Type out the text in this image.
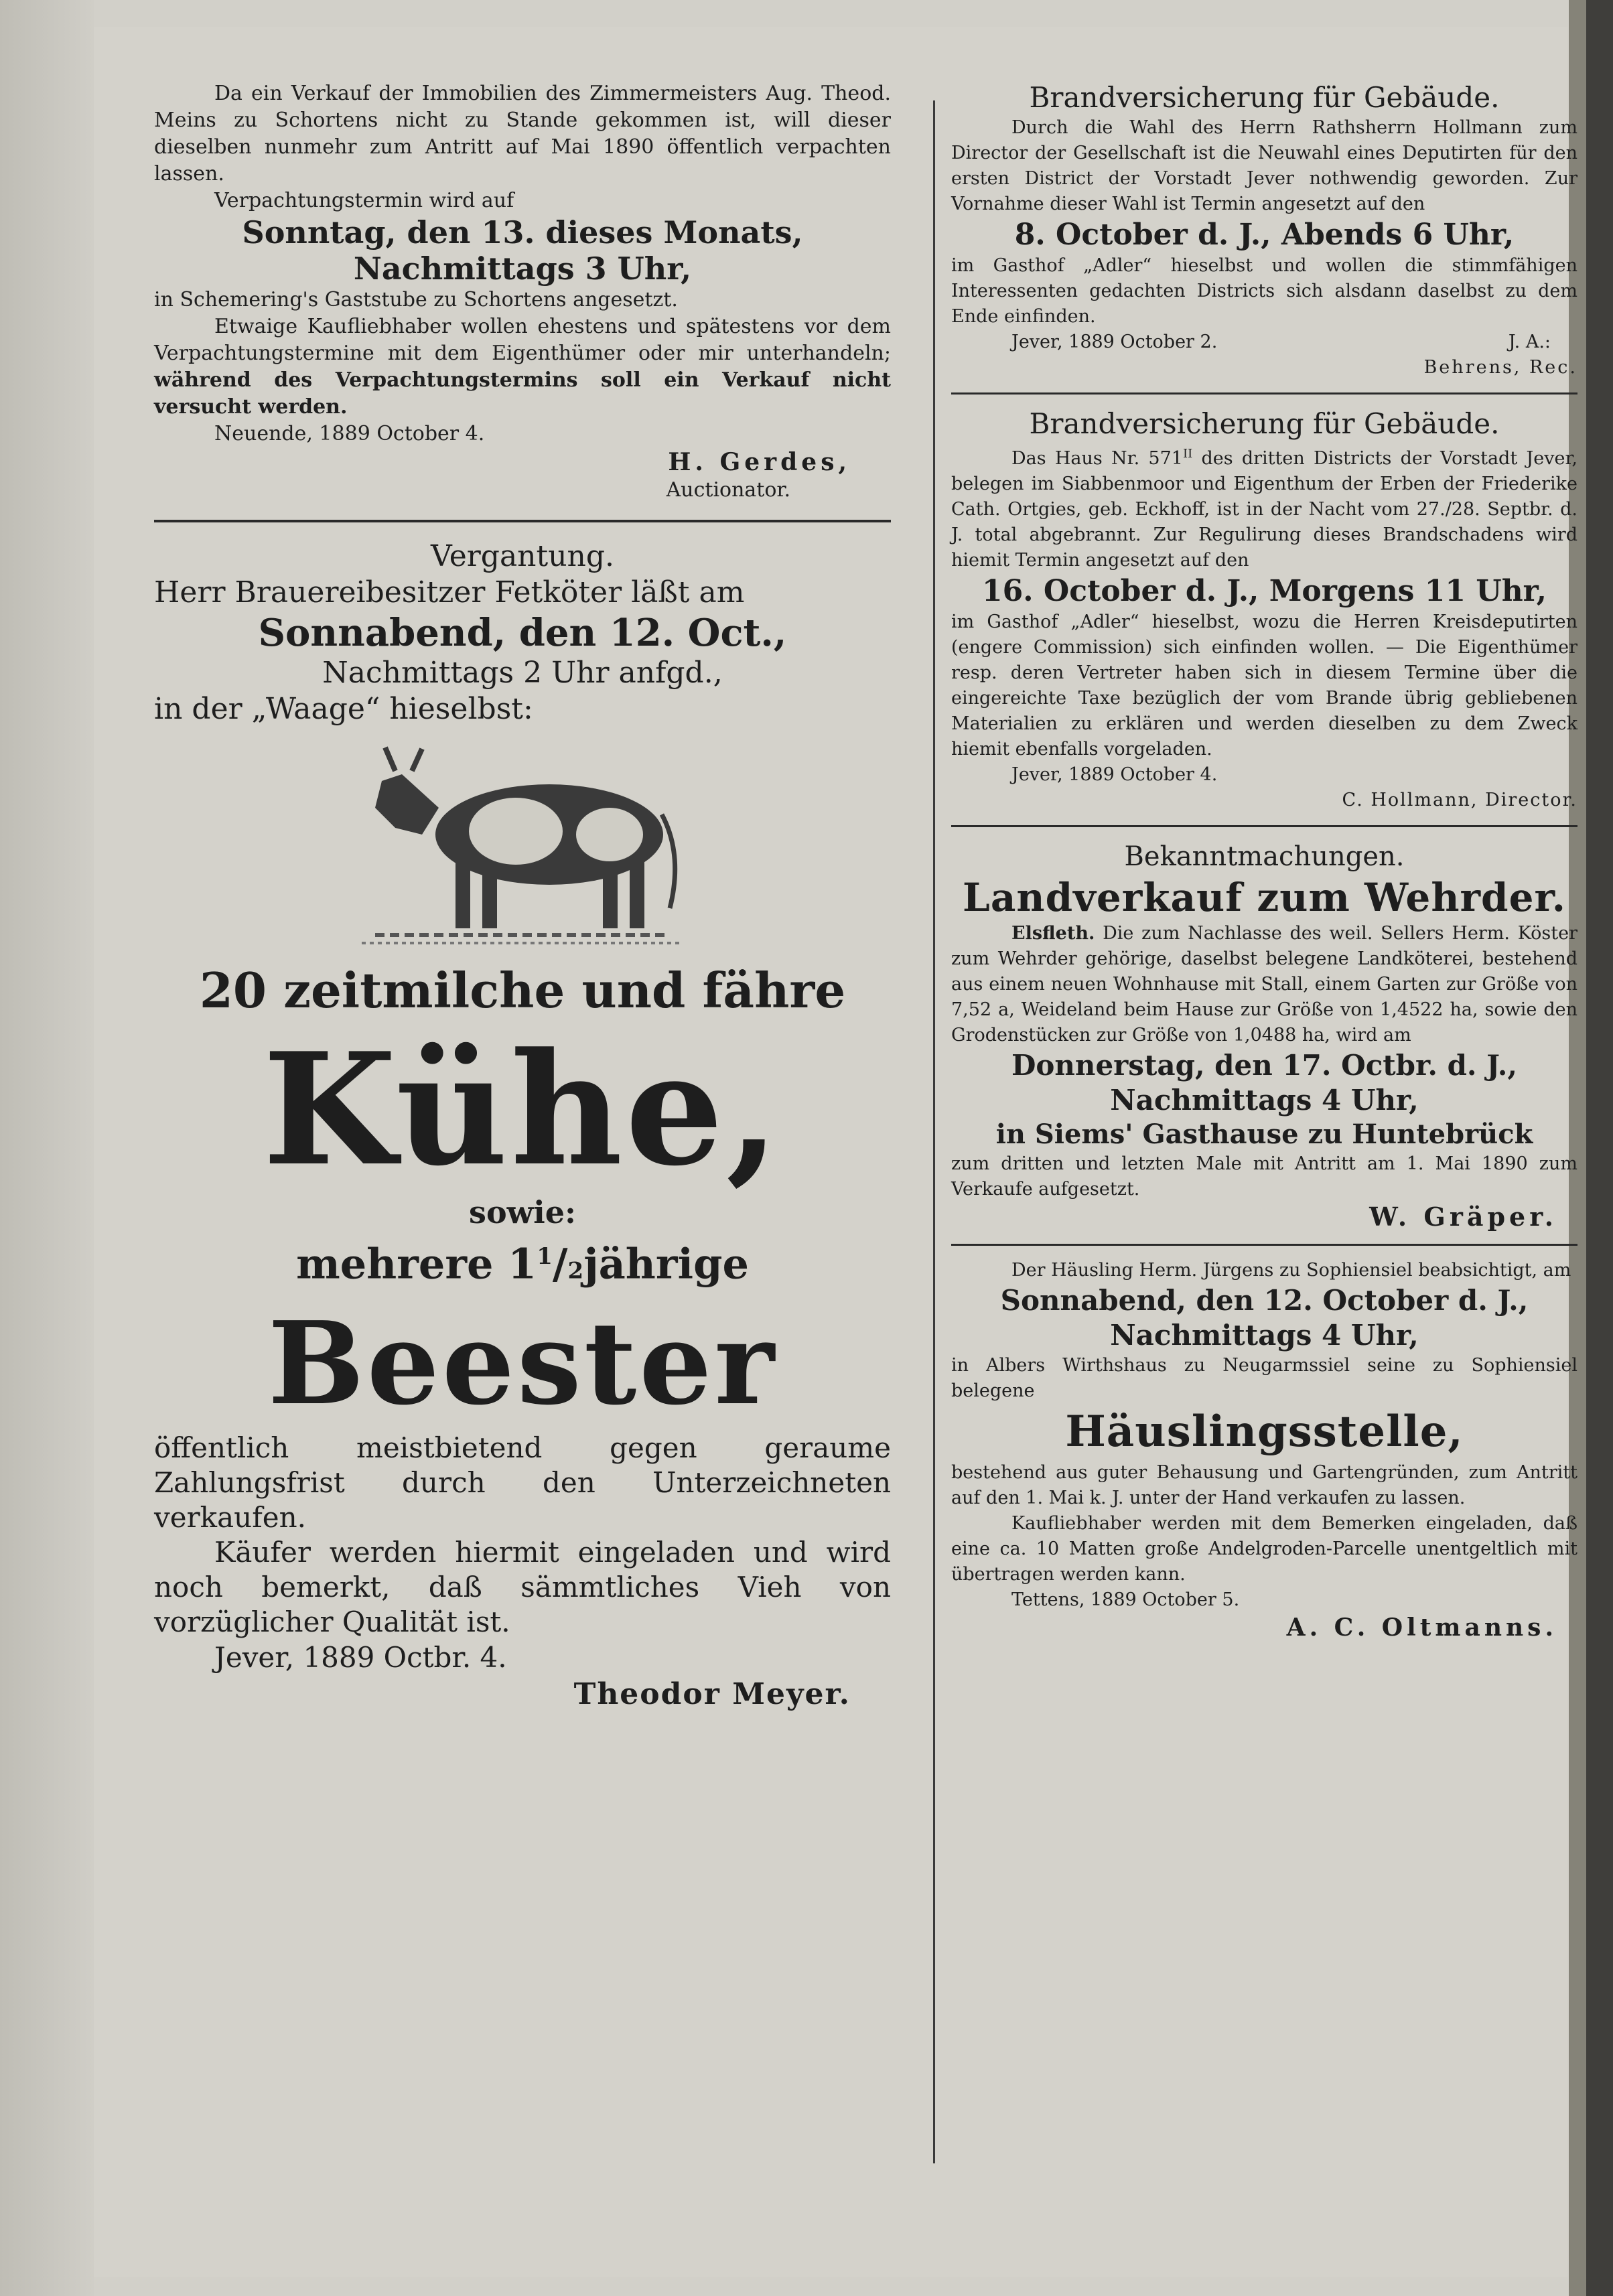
Da ein Verkauf der Immobilien des Zimmermeisters Aug. Theod. Meins zu Schortens nicht zu Stande gekommen ist, will dieser dieselben nunmehr zum Antritt auf Mai 1890 öffentlich verpachten lassen.

Verpachtungstermin wird auf

Sonntag, den 13. dieses Monats,

Nachmittags 3 Uhr,

in Schemering's Gaststube zu Schortens angesetzt.

Etwaige Kaufliebhaber wollen ehestens und spätestens vor dem Verpachtungstermine mit dem Eigenthümer oder mir unterhandeln; während des Verpachtungstermins soll ein Verkauf nicht versucht werden.

Neuende, 1889 October 4.

H. Gerdes,

Auctionator.

Vergantung.

Herr Brauereibesitzer Fetköter läßt am

Sonnabend, den 12. Oct.,

Nachmittags 2 Uhr anfgd.,

in der „Waage“ hieselbst:

20 zeitmilche und fähre

Kühe,

sowie:

mehrere $1^1/2jährige$

Beester

öffentlich meistbietend gegen geraume Zahlungsfrist durch den Unterzeichneten verkaufen.

Käufer werden hiermit eingeladen und wird noch bemerkt, daß sämmtliches Vieh von vorzüglicher Qualität ist.

Jever, 1889 Octbr. 4.

Theodor Meyer.

Brandversicherung für Gebäude.

Durch die Wahl des Herrn Rathsherrn Hollmann zum Director der Gesellschaft ist die Neuwahl eines Deputirten für den ersten District der Vorstadt Jever nothwendig geworden. Zur Vornahme dieser Wahl ist Termin angesetzt auf den

8. October d. J., Abends 6 Uhr,

im Gasthof „Adler“ hieselbst und wollen die stimmfähigen Interessenten gedachten Districts sich alsdann daselbst zu dem Ende einfinden.

Jever, 1889 October 2.	J. A.:

Behrens, Rec.

Brandversicherung für Gebäude.

Das Haus Nr. $571^{II}$ des dritten Districts der Vorstadt Jever, belegen im Siabbenmoor und Eigenthum der Erben der Friederike Cath. Ortgies, geb. Eckhoff, ist in der Nacht vom 27./28. Septbr. d. J. total abgebrannt. Zur Regulirung dieses Brandschadens wird hiemit Termin angesetzt auf den

16. October d. J., Morgens 11 Uhr,

im Gasthof „Adler“ hieselbst, wozu die Herren Kreisdeputirten (engere Commission) sich einfinden wollen. — Die Eigenthümer resp. deren Vertreter haben sich in diesem Termine über die eingereichte Taxe bezüglich der vom Brande übrig gebliebenen Materialien zu erklären und werden dieselben zu dem Zweck hiemit ebenfalls vorgeladen.

Jever, 1889 October 4.

C. Hollmann, Director.

Bekanntmachungen.

Landverkauf zum Wehrder.

Elsfleth. Die zum Nachlasse des weil. Sellers Herm. Köster zum Wehrder gehörige, daselbst belegene Landköterei, bestehend aus einem neuen Wohnhause mit Stall, einem Garten zur Größe von 7,52 a, Weideland beim Hause zur Größe von 1,4522 ha, sowie den Grodenstücken zur Größe von 1,0488 ha, wird am

Donnerstag, den 17. Octbr. d. J.,

Nachmittags 4 Uhr,

in Siems' Gasthause zu Huntebrück

zum dritten und letzten Male mit Antritt am 1. Mai 1890 zum Verkaufe aufgesetzt.

W. Gräper.

Der Häusling Herm. Jürgens zu Sophiensiel beabsichtigt, am

Sonnabend, den 12. October d. J.,

Nachmittags 4 Uhr,

in Albers Wirthshaus zu Neugarmssiel seine zu Sophiensiel belegene

Häuslingsstelle,

bestehend aus guter Behausung und Gartengründen, zum Antritt auf den 1. Mai k. J. unter der Hand verkaufen zu lassen.

Kaufliebhaber werden mit dem Bemerken eingeladen, daß eine ca. 10 Matten große Andelgroden-Parcelle unentgeltlich mit übertragen werden kann.

Tettens, 1889 October 5.

A. C. Oltmanns.
